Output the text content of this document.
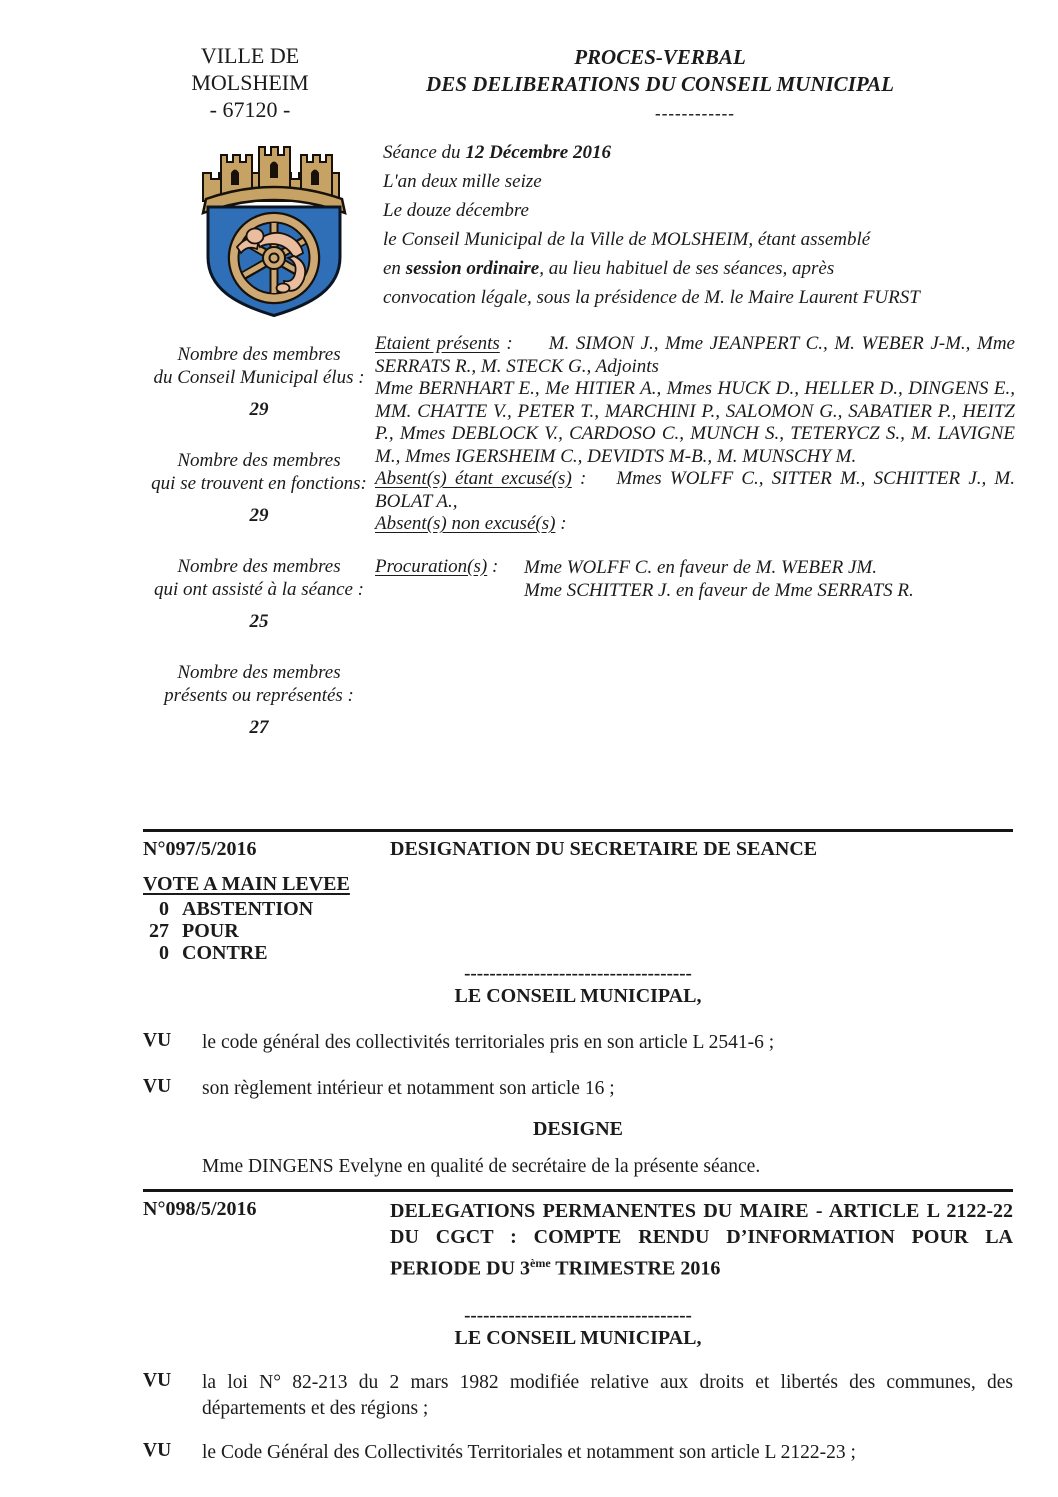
VILLE DE
MOLSHEIM
- 67120 -
PROCES-VERBAL
DES DELIBERATIONS DU CONSEIL MUNICIPAL
------------

Séance du 12 Décembre 2016

L'an deux mille seize

Le douze décembre

le Conseil Municipal de la Ville de MOLSHEIM, étant assemblé

en session ordinaire, au lieu habituel de ses séances, après

convocation légale, sous la présidence de M. le Maire Laurent FURST

Nombre des membres
du Conseil Municipal élus :
29
Nombre des membres
qui se trouvent en fonctions:
29
Nombre des membres
qui ont assisté à la séance :
25
Nombre des membres
présents ou représentés :
27

Etaient présents : M. SIMON J., Mme JEANPERT C., M. WEBER J-M., Mme SERRATS R., M. STECK G., Adjoints

Mme BERNHART E., Me HITIER A., Mmes HUCK D., HELLER D., DINGENS E., MM. CHATTE V., PETER T., MARCHINI P., SALOMON G., SABATIER P., HEITZ P., Mmes DEBLOCK V., CARDOSO C., MUNCH S., TETERYCZ S., M. LAVIGNE M., Mmes IGERSHEIM C., DEVIDTS M-B., M. MUNSCHY M.

Absent(s) étant excusé(s) : Mmes WOLFF C., SITTER M., SCHITTER J., M. BOLAT A.,

Absent(s) non excusé(s) :

Procuration(s) :	Mme WOLFF C. en faveur de M. WEBER JM.

Mme SCHITTER J. en faveur de Mme SERRATS R.

N°097/5/2016	DESIGNATION DU SECRETAIRE DE SEANCE

VOTE A MAIN LEVEE
0 ABSTENTION
27 POUR
0 CONTRE
------------------------------------
LE CONSEIL MUNICIPAL,
VU	le code général des collectivités territoriales pris en son article L 2541-6 ;

VU	son règlement intérieur et notamment son article 16 ;

DESIGNE

Mme DINGENS Evelyne en qualité de secrétaire de la présente séance.

N°098/5/2016	DELEGATIONS PERMANENTES DU MAIRE - ARTICLE L 2122-22 DU CGCT : COMPTE RENDU D’INFORMATION POUR LA PERIODE DU 3ème TRIMESTRE 2016

------------------------------------
LE CONSEIL MUNICIPAL,
VU	la loi N° 82-213 du 2 mars 1982 modifiée relative aux droits et libertés des communes, des départements et des régions ;

VU	le Code Général des Collectivités Territoriales et notamment son article L 2122-23 ;
